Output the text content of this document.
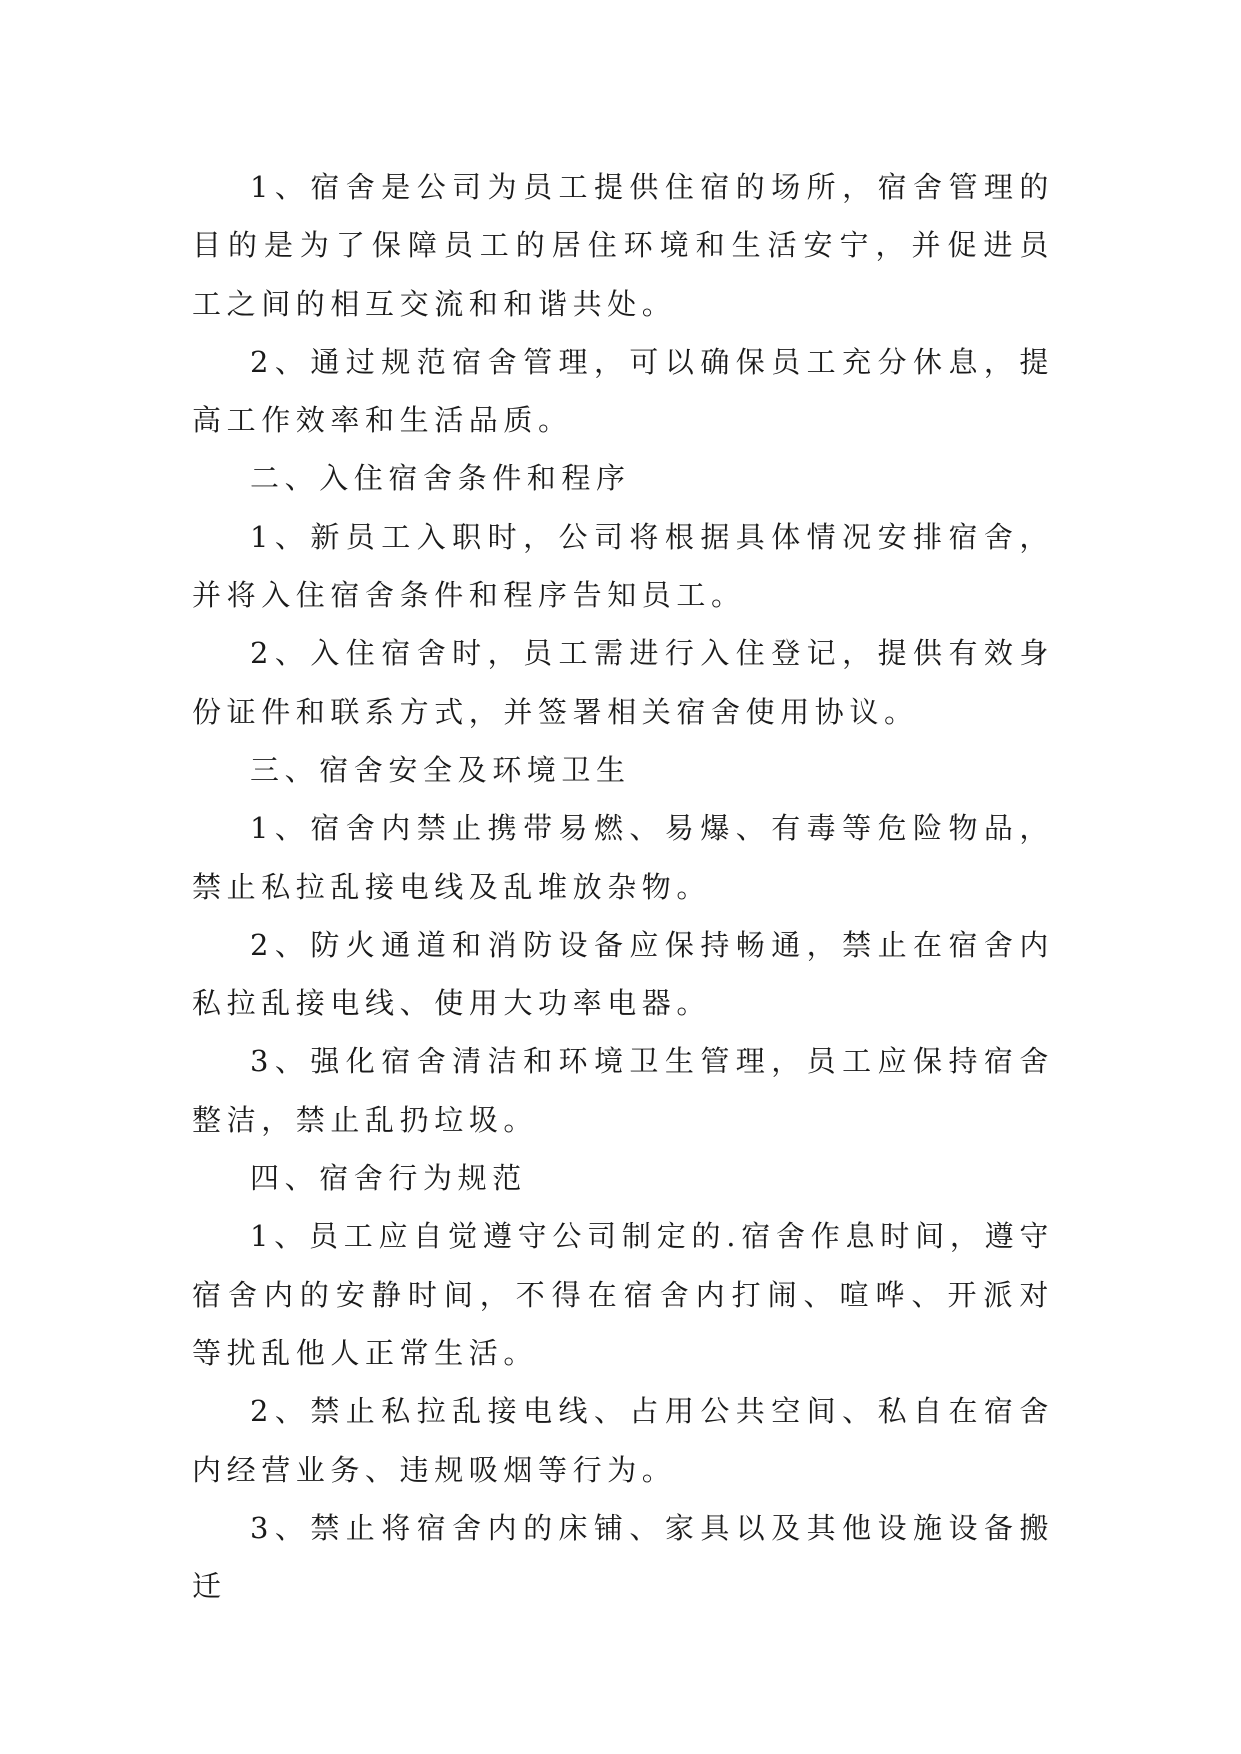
1、宿舍是公司为员工提供住宿的场所，宿舍管理的目的是为了保障员工的居住环境和生活安宁，并促进员工之间的相互交流和和谐共处。

2、通过规范宿舍管理，可以确保员工充分休息，提高工作效率和生活品质。

二、入住宿舍条件和程序

1、新员工入职时，公司将根据具体情况安排宿舍，并将入住宿舍条件和程序告知员工。

2、入住宿舍时，员工需进行入住登记，提供有效身份证件和联系方式，并签署相关宿舍使用协议。

三、宿舍安全及环境卫生

1、宿舍内禁止携带易燃、易爆、有毒等危险物品，禁止私拉乱接电线及乱堆放杂物。

2、防火通道和消防设备应保持畅通，禁止在宿舍内私拉乱接电线、使用大功率电器。

3、强化宿舍清洁和环境卫生管理，员工应保持宿舍整洁，禁止乱扔垃圾。

四、宿舍行为规范

1、员工应自觉遵守公司制定的.宿舍作息时间，遵守宿舍内的安静时间，不得在宿舍内打闹、喧哗、开派对等扰乱他人正常生活。

2、禁止私拉乱接电线、占用公共空间、私自在宿舍内经营业务、违规吸烟等行为。

3、禁止将宿舍内的床铺、家具以及其他设施设备搬迁
